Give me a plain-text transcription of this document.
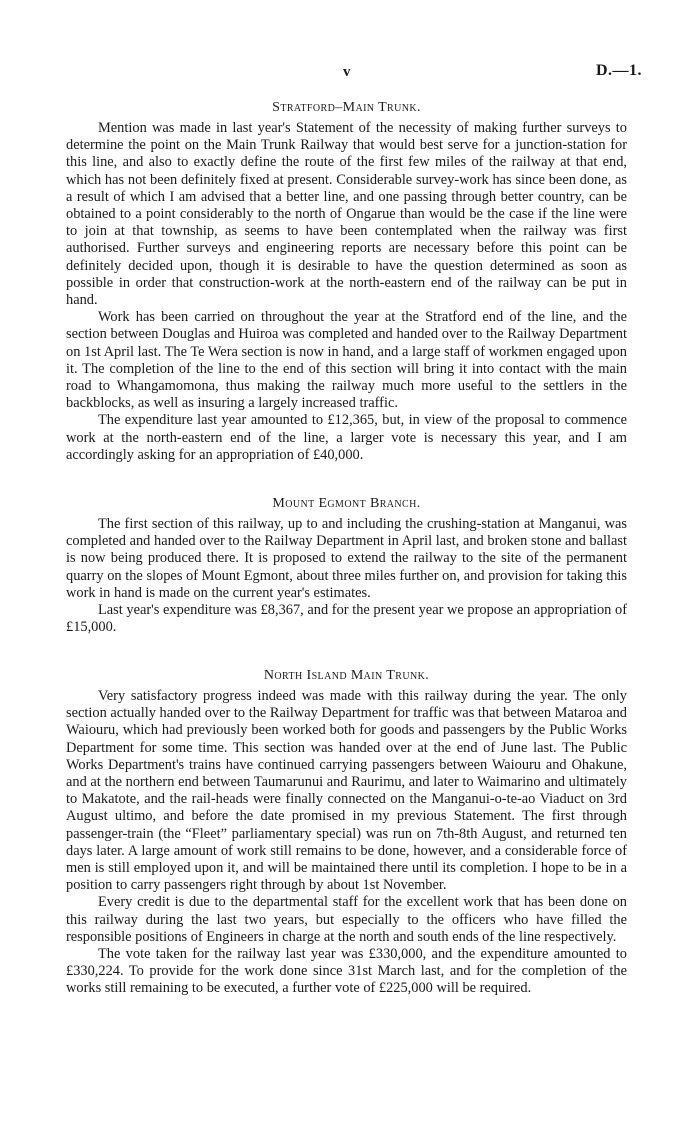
v	D.—1.
Stratford–Main Trunk.

Mention was made in last year's Statement of the necessity of making further surveys to determine the point on the Main Trunk Railway that would best serve for a junction-station for this line, and also to exactly define the route of the first few miles of the railway at that end, which has not been definitely fixed at present. Considerable survey-work has since been done, as a result of which I am advised that a better line, and one passing through better country, can be obtained to a point considerably to the north of Ongarue than would be the case if the line were to join at that township, as seems to have been contemplated when the railway was first authorised. Further surveys and engineering reports are necessary before this point can be definitely decided upon, though it is desirable to have the question determined as soon as possible in order that construction-work at the north-eastern end of the railway can be put in hand.

Work has been carried on throughout the year at the Stratford end of the line, and the section between Douglas and Huiroa was completed and handed over to the Railway Department on 1st April last. The Te Wera section is now in hand, and a large staff of workmen engaged upon it. The completion of the line to the end of this section will bring it into contact with the main road to Whangamomona, thus making the railway much more useful to the settlers in the backblocks, as well as insuring a largely increased traffic.

The expenditure last year amounted to £12,365, but, in view of the proposal to commence work at the north-eastern end of the line, a larger vote is necessary this year, and I am accordingly asking for an appropriation of £40,000.

Mount Egmont Branch.

The first section of this railway, up to and including the crushing-station at Manganui, was completed and handed over to the Railway Department in April last, and broken stone and ballast is now being produced there. It is proposed to extend the railway to the site of the permanent quarry on the slopes of Mount Egmont, about three miles further on, and provision for taking this work in hand is made on the current year's estimates.

Last year's expenditure was £8,367, and for the present year we propose an appropriation of £15,000.

North Island Main Trunk.

Very satisfactory progress indeed was made with this railway during the year. The only section actually handed over to the Railway Department for traffic was that between Mataroa and Waiouru, which had previously been worked both for goods and passengers by the Public Works Department for some time. This section was handed over at the end of June last. The Public Works Department's trains have continued carrying passengers between Waiouru and Ohakune, and at the northern end between Taumarunui and Raurimu, and later to Waimarino and ultimately to Makatote, and the rail-heads were finally connected on the Manganui-o-te-ao Viaduct on 3rd August ultimo, and before the date promised in my previous Statement. The first through passenger-train (the “Fleet” parliamentary special) was run on 7th-8th August, and returned ten days later. A large amount of work still remains to be done, however, and a considerable force of men is still employed upon it, and will be maintained there until its completion. I hope to be in a position to carry passengers right through by about 1st November.

Every credit is due to the departmental staff for the excellent work that has been done on this railway during the last two years, but especially to the officers who have filled the responsible positions of Engineers in charge at the north and south ends of the line respectively.

The vote taken for the railway last year was £330,000, and the expenditure amounted to £330,224. To provide for the work done since 31st March last, and for the completion of the works still remaining to be executed, a further vote of £225,000 will be required.
